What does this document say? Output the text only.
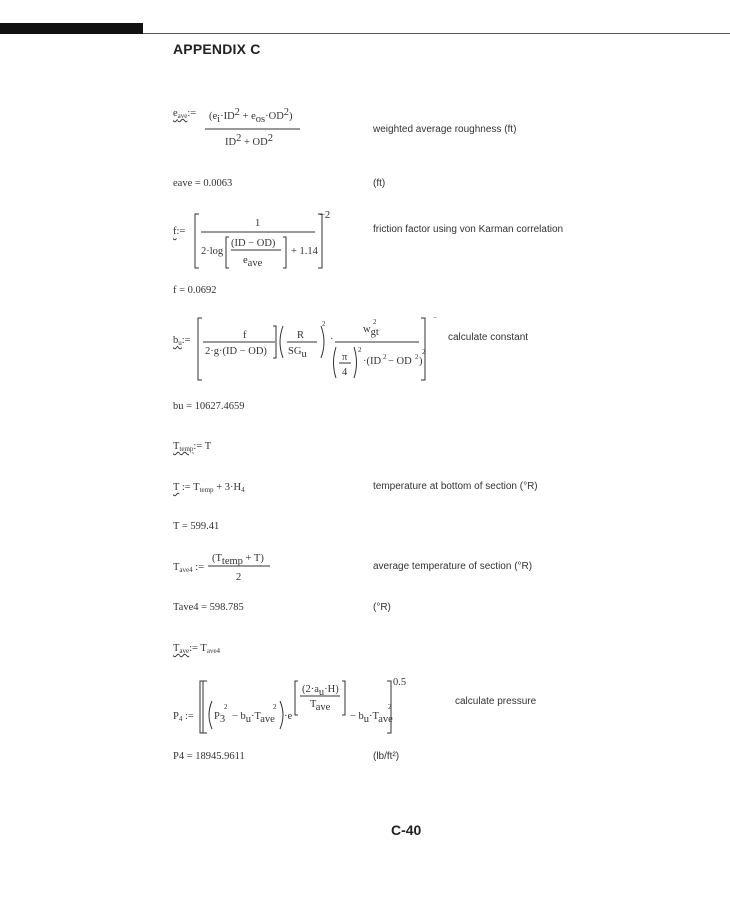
APPENDIX C
$e_{ave}:= (ei\cdot ID2 + eos\cdot OD2)$
ID2 + OD2
weighted average roughness (ft)
eave = 0.0063	(ft)
f:=
1
2·log
(ID − OD)
eave
+ 1.14
−2
friction factor using von Karman correlation
f = 0.0692
$b_u:=$
−
f
2·g·(ID − OD)
R
SGu
2
·
wgt
2
π
4
2
·(ID 2 − OD 2 )
2
calculate constant
bu = 10627.4659
$T_{temp}:= T$
T := $T_{temp} + 3\cdot H_4$	temperature at bottom of section (°R)
T = 599.41
$T_{ave4}$ :=
(Ttemp + T)
2
average temperature of section (°R)
Tave4 = 598.785	(°R)
$T_{ave}:= T_{ave4}$
$P_4$ :=
0.5
P3
2
− bu·Tave
2
·e
(2·au·H)
Tave
− bu·Tave
2	calculate pressure
P4 = 18945.9611	(lb/ft²)
C-40
